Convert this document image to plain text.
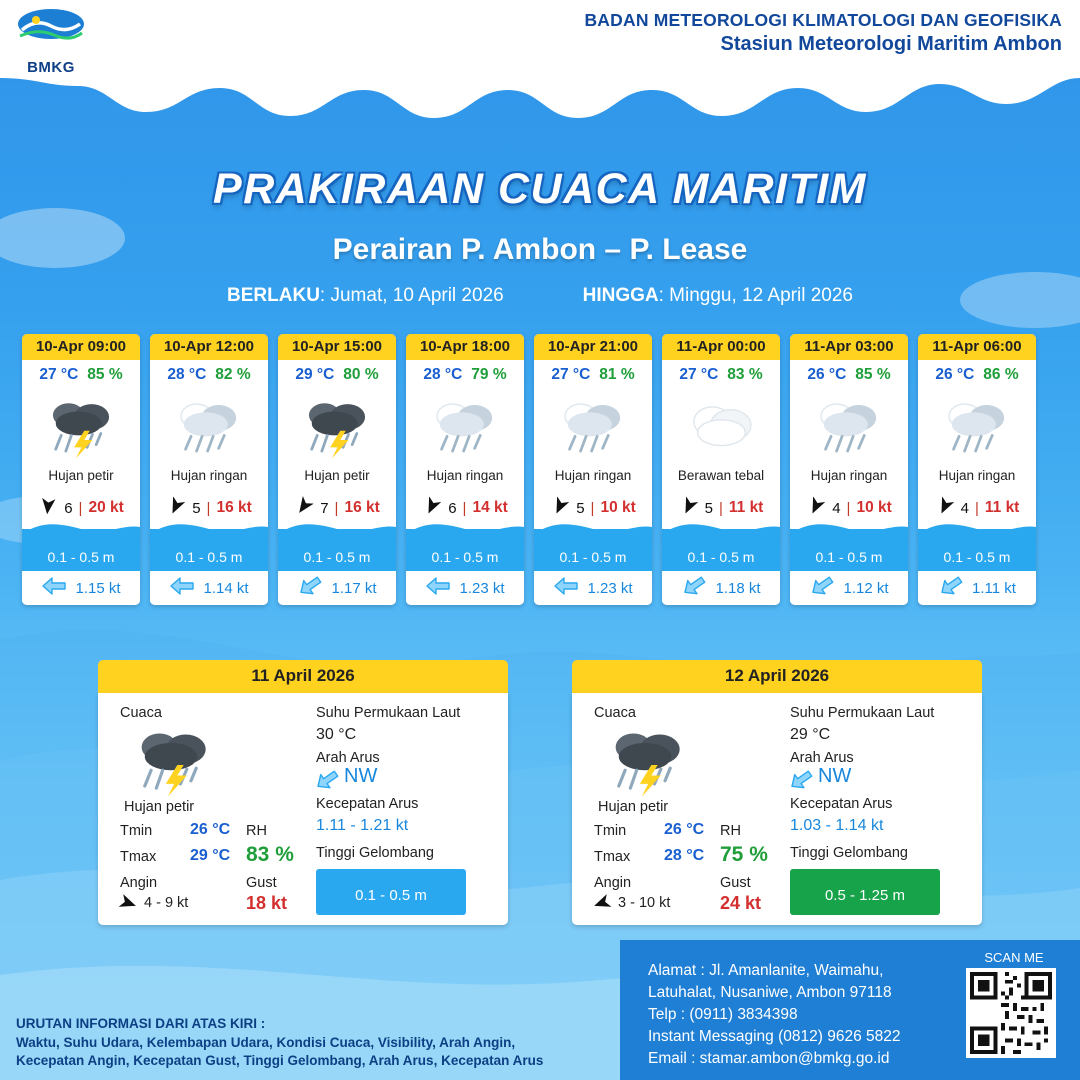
BMKG
BADAN METEOROLOGI KLIMATOLOGI DAN GEOFISIKA
Stasiun Meteorologi Maritim Ambon
PRAKIRAAN CUACA MARITIM
Perairan P. Ambon – P. Lease
BERLAKU: Jumat, 10 April 2026	HINGGA: Minggu, 12 April 2026
10-Apr 09:00
27 °C 85 %
Hujan petir
6 | 20 kt
0.1 - 0.5 m
1.15 kt
10-Apr 12:00
28 °C 82 %
Hujan ringan
5 | 16 kt
0.1 - 0.5 m
1.14 kt
10-Apr 15:00
29 °C 80 %
Hujan petir
7 | 16 kt
0.1 - 0.5 m
1.17 kt
10-Apr 18:00
28 °C 79 %
Hujan ringan
6 | 14 kt
0.1 - 0.5 m
1.23 kt
10-Apr 21:00
27 °C 81 %
Hujan ringan
5 | 10 kt
0.1 - 0.5 m
1.23 kt
11-Apr 00:00
27 °C 83 %
Berawan tebal
5 | 11 kt
0.1 - 0.5 m
1.18 kt
11-Apr 03:00
26 °C 85 %
Hujan ringan
4 | 10 kt
0.1 - 0.5 m
1.12 kt
11-Apr 06:00
26 °C 86 %
Hujan ringan
4 | 11 kt
0.1 - 0.5 m
1.11 kt
11 April 2026
Cuaca
Hujan petir
Tmin 26 °C
Tmax 29 °C
Angin
4 - 9 kt
RH
83 %
Gust
18 kt
Suhu Permukaan Laut
30 °C
Arah Arus
NW
Kecepatan Arus
1.11 - 1.21 kt
Tinggi Gelombang
0.1 - 0.5 m
12 April 2026
Cuaca
Hujan petir
Tmin 26 °C
Tmax 28 °C
Angin
3 - 10 kt
RH
75 %
Gust
24 kt
Suhu Permukaan Laut
29 °C
Arah Arus
NW
Kecepatan Arus
1.03 - 1.14 kt
Tinggi Gelombang
0.5 - 1.25 m
Alamat : Jl. Amanlanite, Waimahu,
Latuhalat, Nusaniwe, Ambon 97118
Telp : (0911) 3834398
Instant Messaging (0812) 9626 5822
Email : stamar.ambon@bmkg.go.id
SCAN ME
URUTAN INFORMASI DARI ATAS KIRI :
Waktu, Suhu Udara, Kelembapan Udara, Kondisi Cuaca, Visibility, Arah Angin,
Kecepatan Angin, Kecepatan Gust, Tinggi Gelombang, Arah Arus, Kecepatan Arus
